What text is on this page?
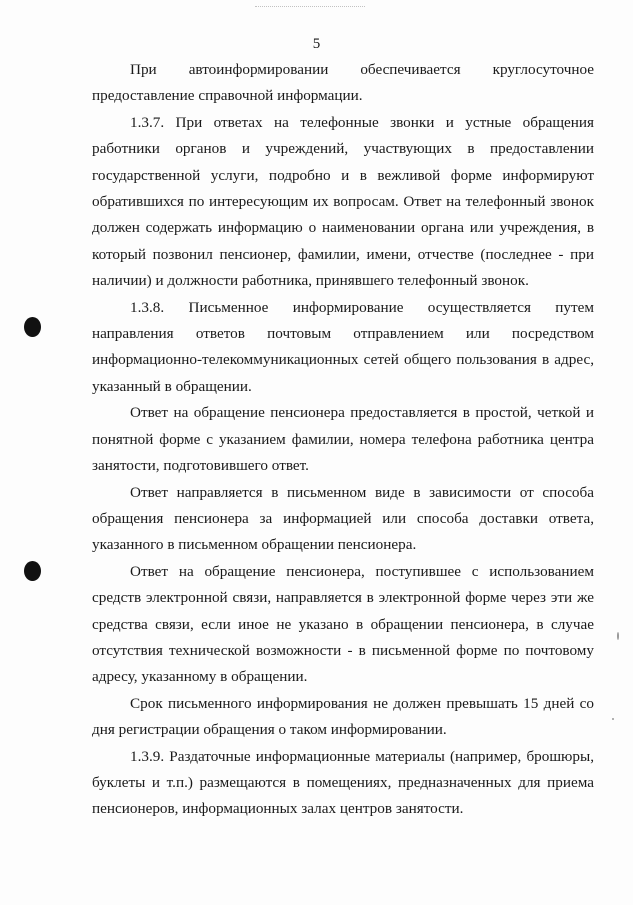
5

При автоинформировании обеспечивается круглосуточное предоставление справочной информации.

1.3.7. При ответах на телефонные звонки и устные обращения работники органов и учреждений, участвующих в предоставлении государственной услуги, подробно и в вежливой форме информируют обратившихся по интересующим их вопросам. Ответ на телефонный звонок должен содержать информацию о наименовании органа или учреждения, в который позвонил пенсионер, фамилии, имени, отчестве (последнее - при наличии) и должности работника, принявшего телефонный звонок.

1.3.8. Письменное информирование осуществляется путем направления ответов почтовым отправлением или посредством информационно-телекоммуникационных сетей общего пользования в адрес, указанный в обращении.

Ответ на обращение пенсионера предоставляется в простой, четкой и понятной форме с указанием фамилии, номера телефона работника центра занятости, подготовившего ответ.

Ответ направляется в письменном виде в зависимости от способа обращения пенсионера за информацией или способа доставки ответа, указанного в письменном обращении пенсионера.

Ответ на обращение пенсионера, поступившее с использованием средств электронной связи, направляется в электронной форме через эти же средства связи, если иное не указано в обращении пенсионера, в случае отсутствия технической возможности - в письменной форме по почтовому адресу, указанному в обращении.

Срок письменного информирования не должен превышать 15 дней со дня регистрации обращения о таком информировании.

1.3.9. Раздаточные информационные материалы (например, брошюры, буклеты и т.п.) размещаются в помещениях, предназначенных для приема пенсионеров, информационных залах центров занятости.
